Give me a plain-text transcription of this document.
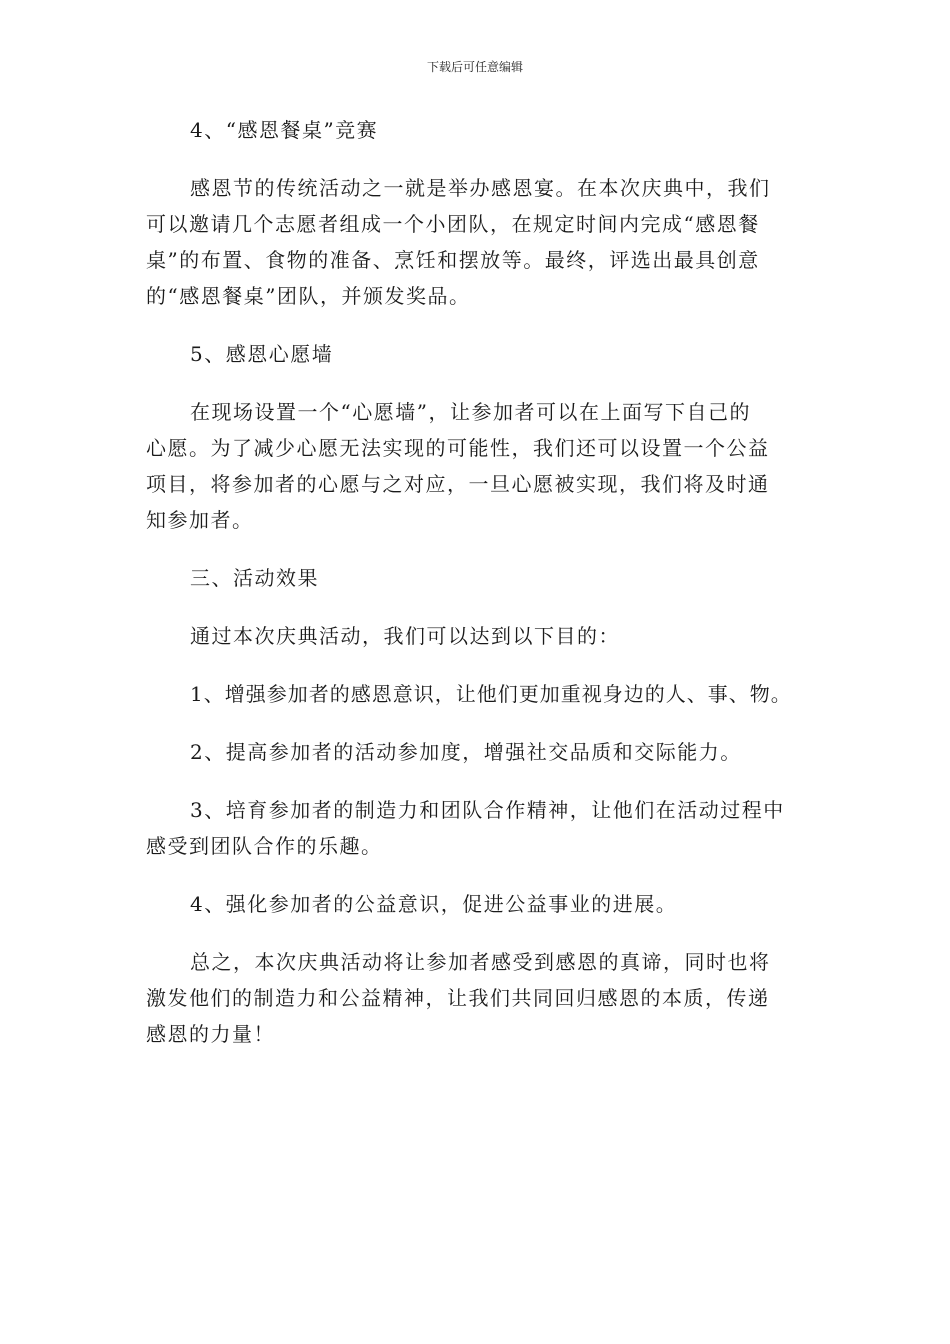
下载后可任意编辑
4、“感恩餐桌”竞赛
感恩节的传统活动之一就是举办感恩宴。在本次庆典中，我们
可以邀请几个志愿者组成一个小团队，在规定时间内完成“感恩餐
桌”的布置、食物的准备、烹饪和摆放等。最终，评选出最具创意
的“感恩餐桌”团队，并颁发奖品。
5、感恩心愿墙
在现场设置一个“心愿墙”，让参加者可以在上面写下自己的
心愿。为了减少心愿无法实现的可能性，我们还可以设置一个公益
项目，将参加者的心愿与之对应，一旦心愿被实现，我们将及时通
知参加者。
三、活动效果
通过本次庆典活动，我们可以达到以下目的：
1、增强参加者的感恩意识，让他们更加重视身边的人、事、物。
2、提高参加者的活动参加度，增强社交品质和交际能力。
3、培育参加者的制造力和团队合作精神，让他们在活动过程中
感受到团队合作的乐趣。
4、强化参加者的公益意识，促进公益事业的进展。
总之，本次庆典活动将让参加者感受到感恩的真谛，同时也将
激发他们的制造力和公益精神，让我们共同回归感恩的本质，传递
感恩的力量！
